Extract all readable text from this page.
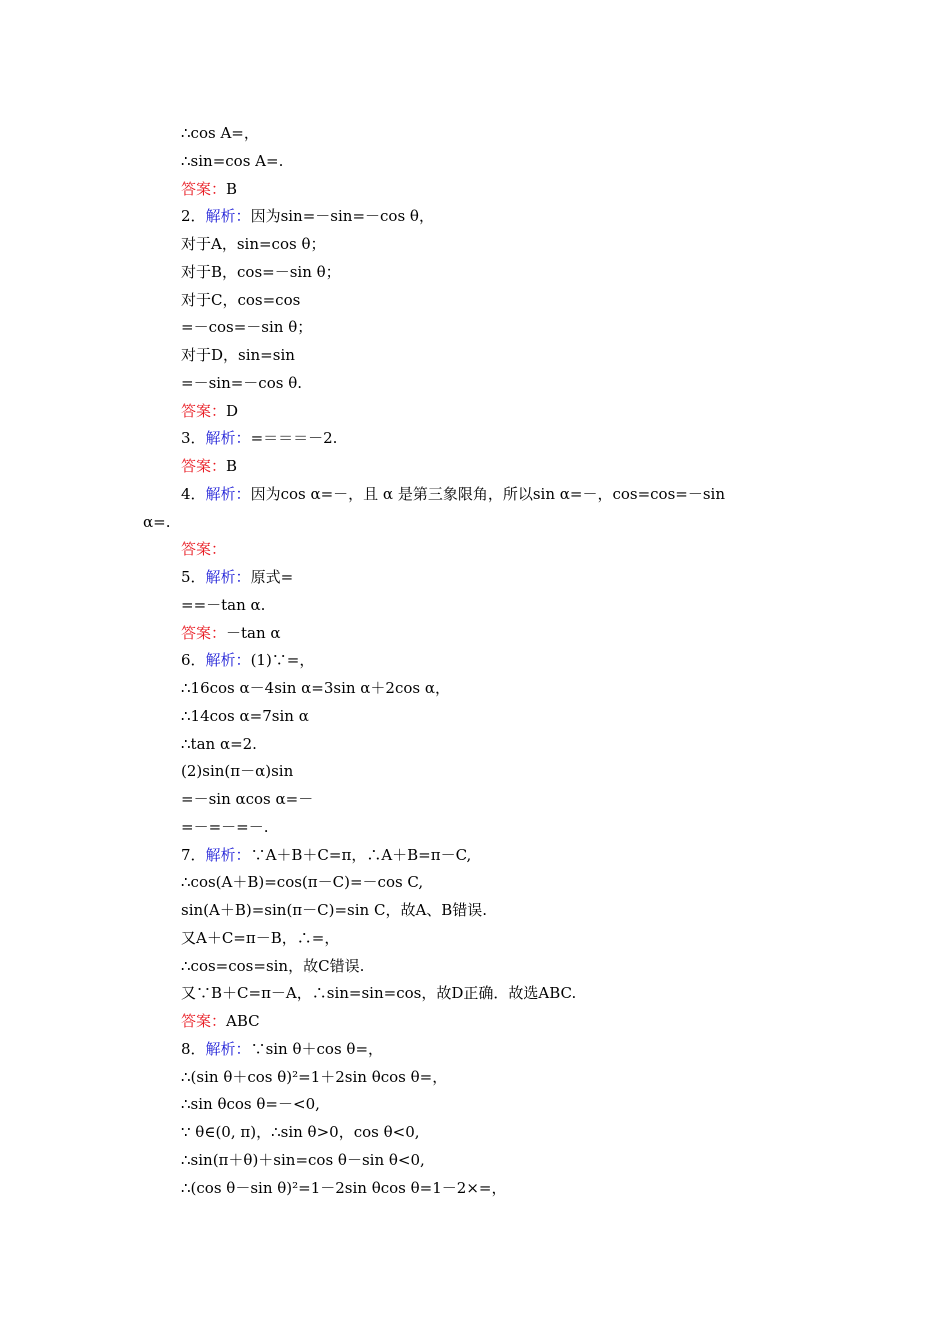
∴cos A=，
∴sin=cos A=.
答案：B
2．解析：因为sin=－sin=－cos θ，
对于A，sin=cos θ；
对于B，cos=－sin θ；
对于C，cos=cos
=－cos=－sin θ；
对于D，sin=sin
=－sin=－cos θ.
答案：D
3．解析：=＝＝＝－2.
答案：B
4．解析：因为cos α=－，且 α 是第三象限角，所以sin α=－，cos=cos=－sin
α=.
答案：
5．解析：原式=
==－tan α.
答案：－tan α
6．解析：(1)∵=，
∴16cos α－4sin α=3sin α＋2cos α，
∴14cos α=7sin α
∴tan α=2.
(2)sin(π－α)sin
=－sin αcos α=－
=－=－=－.
7．解析：∵A＋B＋C=π，∴A＋B=π－C,
∴cos(A＋B)=cos(π－C)=－cos C,
sin(A＋B)=sin(π－C)=sin C，故A、B错误.
又A＋C=π－B，∴=，
∴cos=cos=sin，故C错误.
又∵B＋C=π－A，∴sin=sin=cos，故D正确．故选ABC.
答案：ABC
8．解析：∵sin θ＋cos θ=，
∴(sin θ＋cos θ)²=1＋2sin θcos θ=，
∴sin θcos θ=－<0,
∵ θ∈(0, π)，∴sin θ>0，cos θ<0,
∴sin(π＋θ)＋sin=cos θ－sin θ<0,
∴(cos θ－sin θ)²=1－2sin θcos θ=1－2×=，
